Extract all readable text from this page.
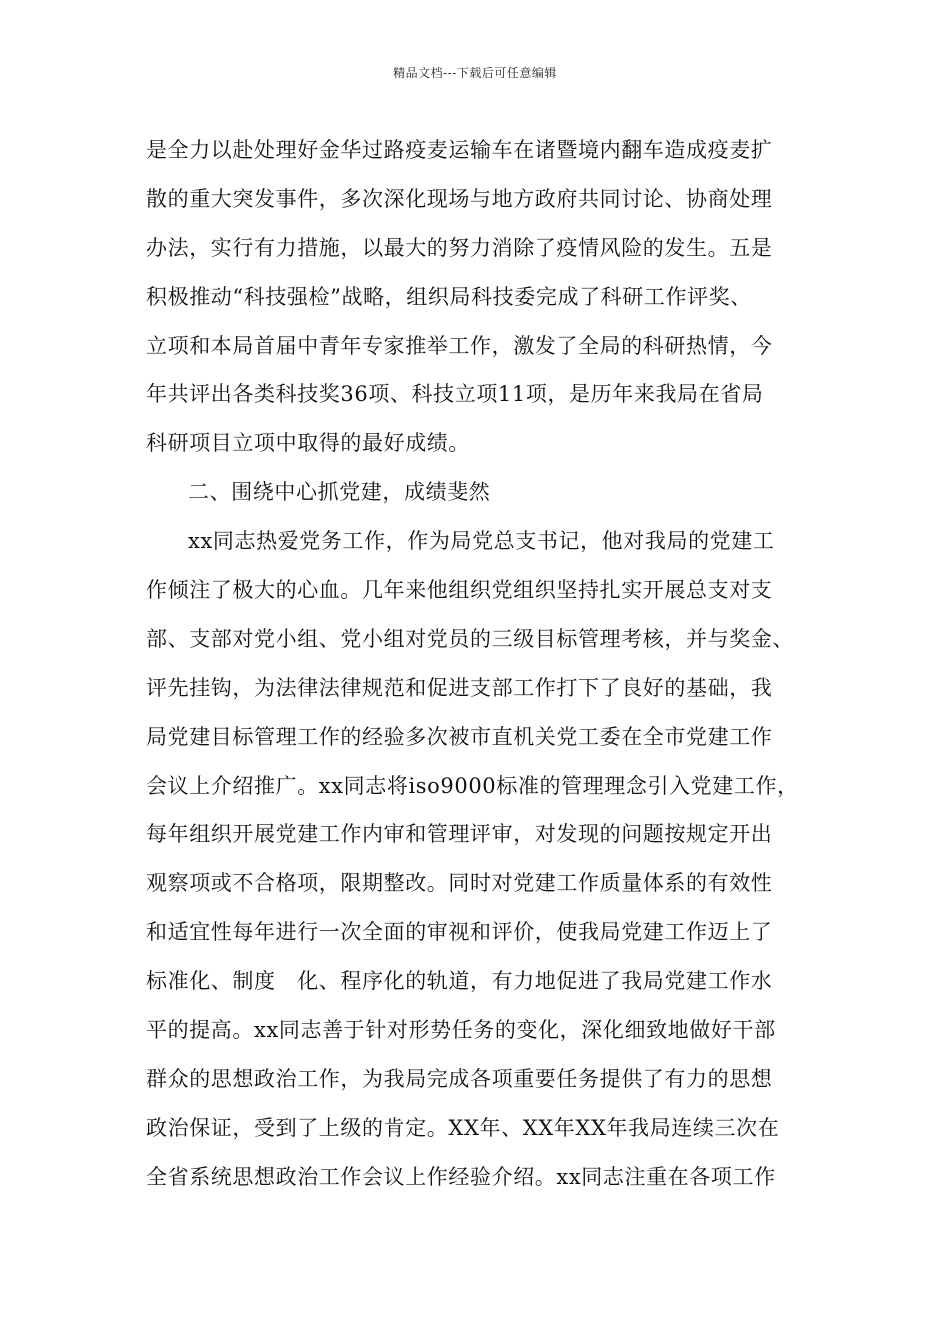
精品文档---下载后可任意编辑
是全力以赴处理好金华过路疫麦运输车在诸暨境内翻车造成疫麦扩
散的重大突发事件，多次深化现场与地方政府共同讨论、协商处理
办法，实行有力措施，以最大的努力消除了疫情风险的发生。五是
积极推动“科技强检”战略，组织局科技委完成了科研工作评奖、
立项和本局首届中青年专家推举工作，激发了全局的科研热情，今
年共评出各类科技奖36项、科技立项11项，是历年来我局在省局
科研项目立项中取得的最好成绩。
二、围绕中心抓党建，成绩斐然
xx同志热爱党务工作，作为局党总支书记，他对我局的党建工
作倾注了极大的心血。几年来他组织党组织坚持扎实开展总支对支
部、支部对党小组、党小组对党员的三级目标管理考核，并与奖金、
评先挂钩，为法律法律规范和促进支部工作打下了良好的基础，我
局党建目标管理工作的经验多次被市直机关党工委在全市党建工作
会议上介绍推广。xx同志将iso9000标准的管理理念引入党建工作，
每年组织开展党建工作内审和管理评审，对发现的问题按规定开出
观察项或不合格项，限期整改。同时对党建工作质量体系的有效性
和适宜性每年进行一次全面的审视和评价，使我局党建工作迈上了
标准化、制度　化、程序化的轨道，有力地促进了我局党建工作水
平的提高。xx同志善于针对形势任务的变化，深化细致地做好干部
群众的思想政治工作，为我局完成各项重要任务提供了有力的思想
政治保证，受到了上级的肯定。XX年、XX年XX年我局连续三次在
全省系统思想政治工作会议上作经验介绍。xx同志注重在各项工作
